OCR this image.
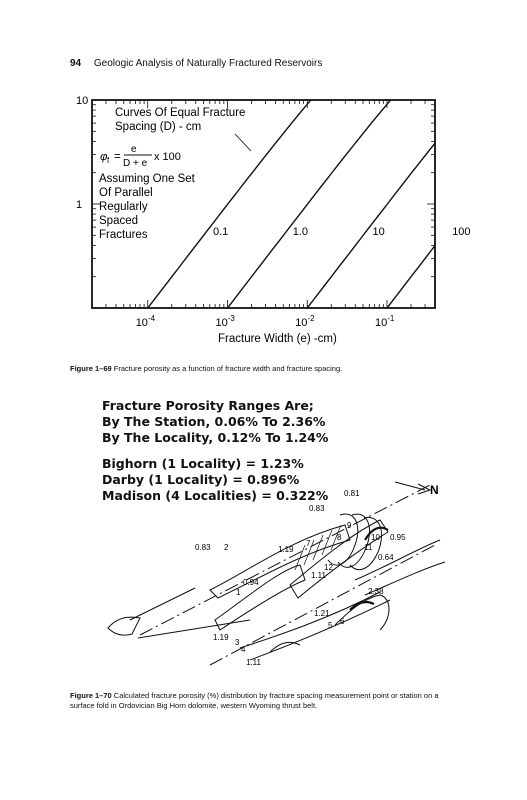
94 Geologic Analysis of Naturally Fractured Reservoirs
0.1	1.0	10	100
$10^{-4}$	$10^{-3}$	$10^{-2}$	$10^{-1}$
10
1
Curves Of Equal Fracture
Spacing (D) - cm
φ f =
e
D + e
x 100
Assuming One Set
Of Parallel
Regularly
Spaced
Fractures
Fracture Width (e) -cm)
Figure 1–69 Fracture porosity as a function of fracture width and fracture spacing.
Fracture Porosity Ranges Are;
By The Station, 0.06% To 2.36%
By The Locality, 0.12% To 1.24%
Bighorn (1 Locality) = 1.23%
Darby (1 Locality) = 0.896%
Madison (4 Localities) = 0.322%	N
0.94
1
0.83 2
1.19
3
1.11
4
1.21
5
2.38
6
1.19
7
0.83
8
0.81
9
0.95
10
0.64
11
1.11
12
Figure 1–70 Calculated fracture porosity (%) distribution by fracture spacing measurement point or station on a surface fold in Ordovician Big Horn dolomite, western Wyoming thrust belt.
